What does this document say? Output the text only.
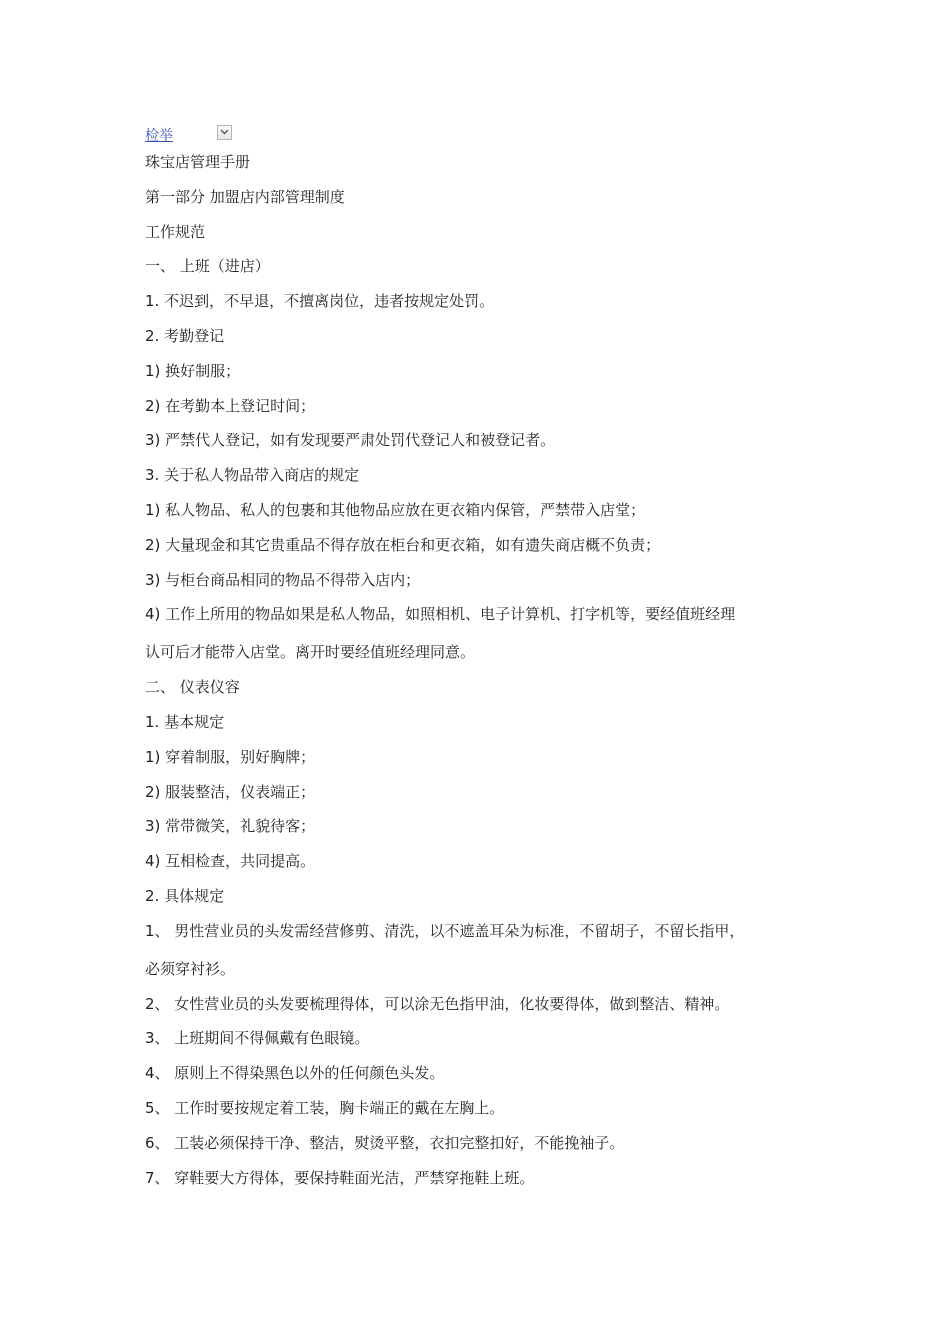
检举
珠宝店管理手册
第一部分 加盟店内部管理制度
工作规范
一、 上班（进店）
1. 不迟到，不早退，不擅离岗位，违者按规定处罚。
2. 考勤登记
1) 换好制服；
2) 在考勤本上登记时间；
3) 严禁代人登记，如有发现要严肃处罚代登记人和被登记者。
3. 关于私人物品带入商店的规定
1) 私人物品、私人的包裹和其他物品应放在更衣箱内保管，严禁带入店堂；
2) 大量现金和其它贵重品不得存放在柜台和更衣箱，如有遗失商店概不负责；
3) 与柜台商品相同的物品不得带入店内；
4) 工作上所用的物品如果是私人物品，如照相机、电子计算机、打字机等，要经值班经理
认可后才能带入店堂。离开时要经值班经理同意。
二、 仪表仪容
1. 基本规定
1) 穿着制服，别好胸牌；
2) 服装整洁，仪表端正；
3) 常带微笑，礼貌待客；
4) 互相检查，共同提高。
2. 具体规定
1、 男性营业员的头发需经营修剪、清洗，以不遮盖耳朵为标准，不留胡子，不留长指甲，
必须穿衬衫。
2、 女性营业员的头发要梳理得体，可以涂无色指甲油，化妆要得体，做到整洁、精神。
3、 上班期间不得佩戴有色眼镜。
4、 原则上不得染黑色以外的任何颜色头发。
5、 工作时要按规定着工装，胸卡端正的戴在左胸上。
6、 工装必须保持干净、整洁，熨烫平整，衣扣完整扣好，不能挽袖子。
7、 穿鞋要大方得体，要保持鞋面光洁，严禁穿拖鞋上班。
